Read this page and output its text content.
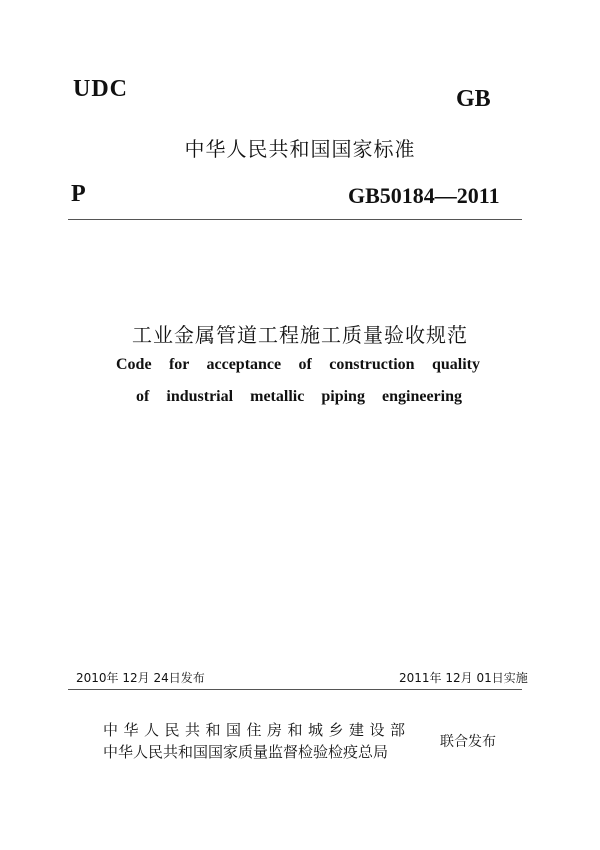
UDC	GB
中华人民共和国国家标准
P	GB50184—2011
工业金属管道工程施工质量验收规范
Code for acceptance of construction quality
of industrial metallic piping engineering
2010年 12月 24日发布	2011年 12月 01日实施
中华人民共和国住房和城乡建设部
中华人民共和国国家质量监督检验检疫总局
联合发布
